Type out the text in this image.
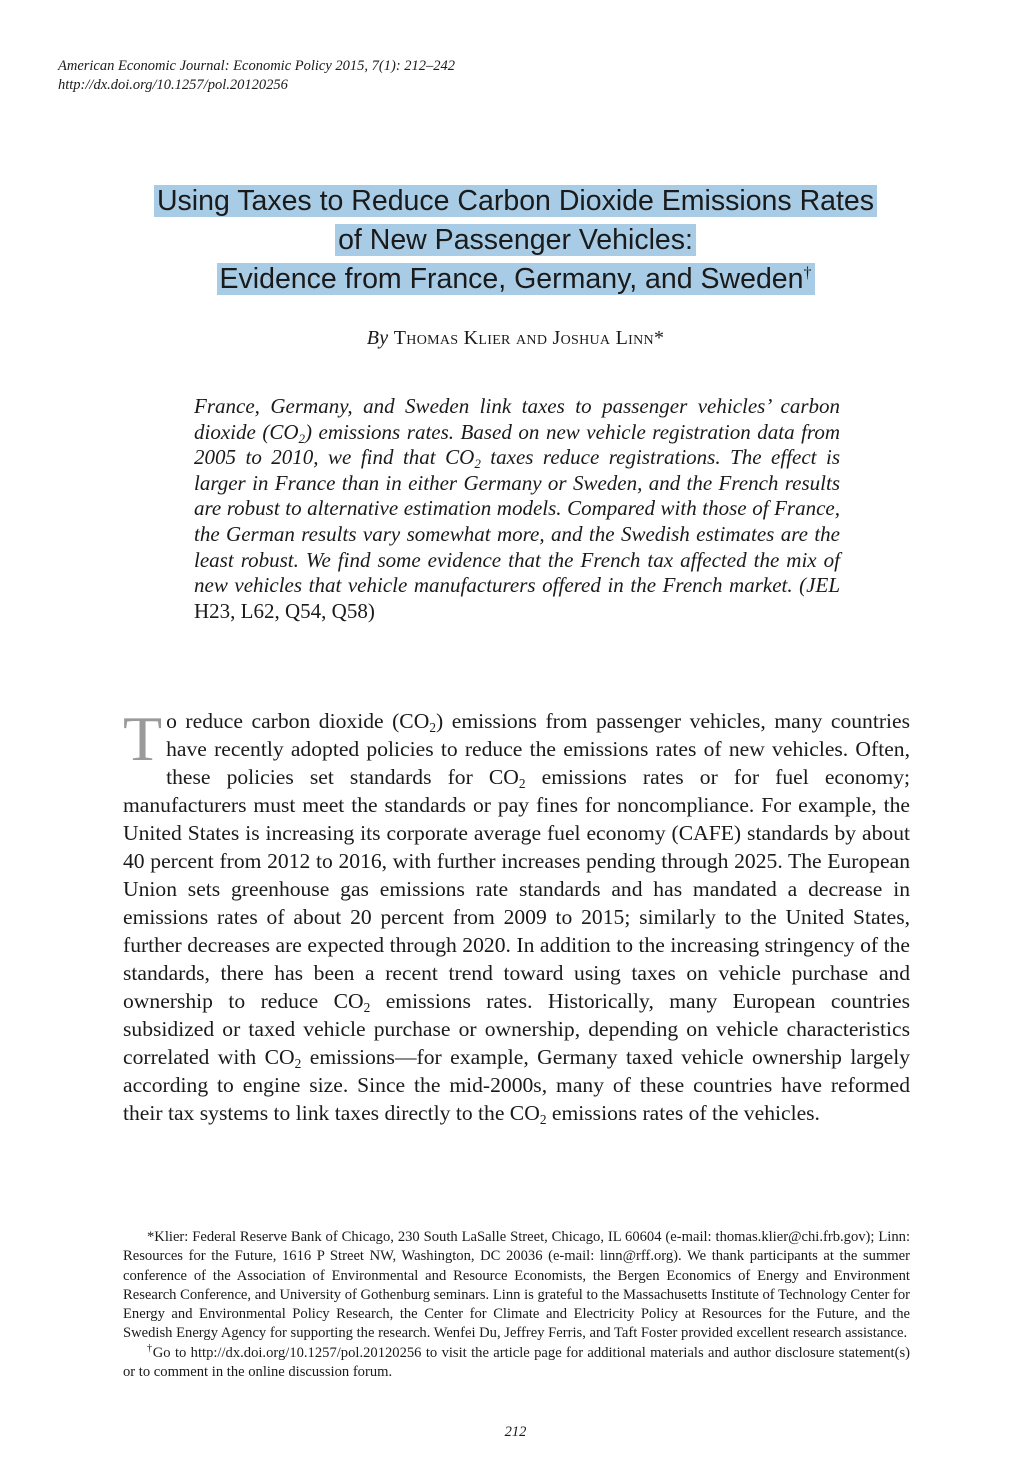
American Economic Journal: Economic Policy 2015, 7(1): 212–242
http://dx.doi.org/10.1257/pol.20120256
Using Taxes to Reduce Carbon Dioxide Emissions Rates
of New Passenger Vehicles:
Evidence from France, Germany, and Sweden†
By Thomas Klier and Joshua Linn*
France, Germany, and Sweden link taxes to passenger vehicles’ carbon dioxide $(CO_2)$ emissions rates. Based on new vehicle registration data from 2005 to 2010, we find that $CO_2$ taxes reduce registrations. The effect is larger in France than in either Germany or Sweden, and the French results are robust to alternative estimation models. Compared with those of France, the German results vary somewhat more, and the Swedish estimates are the least robust. We find some evidence that the French tax affected the mix of new vehicles that vehicle manufacturers offered in the French market. (JEL H23, L62, Q54, Q58)
To reduce carbon dioxide $(CO_2)$ emissions from passenger vehicles, many countries have recently adopted policies to reduce the emissions rates of new vehicles. Often, these policies set standards for $CO_2$ emissions rates or for fuel economy; manufacturers must meet the standards or pay fines for noncompliance. For example, the United States is increasing its corporate average fuel economy (CAFE) standards by about 40 percent from 2012 to 2016, with further increases pending through 2025. The European Union sets greenhouse gas emissions rate standards and has mandated a decrease in emissions rates of about 20 percent from 2009 to 2015; similarly to the United States, further decreases are expected through 2020. In addition to the increasing stringency of the standards, there has been a recent trend toward using taxes on vehicle purchase and ownership to reduce $CO_2$ emissions rates. Historically, many European countries subsidized or taxed vehicle purchase or ownership, depending on vehicle characteristics correlated with $CO_2$ emissions—for example, Germany taxed vehicle ownership largely according to engine size. Since the mid-2000s, many of these countries have reformed their tax systems to link taxes directly to the $CO_2$ emissions rates of the vehicles.

*Klier: Federal Reserve Bank of Chicago, 230 South LaSalle Street, Chicago, IL 60604 (e-mail: thomas.klier@chi.frb.gov); Linn: Resources for the Future, 1616 P Street NW, Washington, DC 20036 (e-mail: linn@rff.org). We thank participants at the summer conference of the Association of Environmental and Resource Economists, the Bergen Economics of Energy and Environment Research Conference, and University of Gothenburg seminars. Linn is grateful to the Massachusetts Institute of Technology Center for Energy and Environmental Policy Research, the Center for Climate and Electricity Policy at Resources for the Future, and the Swedish Energy Agency for supporting the research. Wenfei Du, Jeffrey Ferris, and Taft Foster provided excellent research assistance.

†Go to http://dx.doi.org/10.1257/pol.20120256 to visit the article page for additional materials and author disclosure statement(s) or to comment in the online discussion forum.

212
